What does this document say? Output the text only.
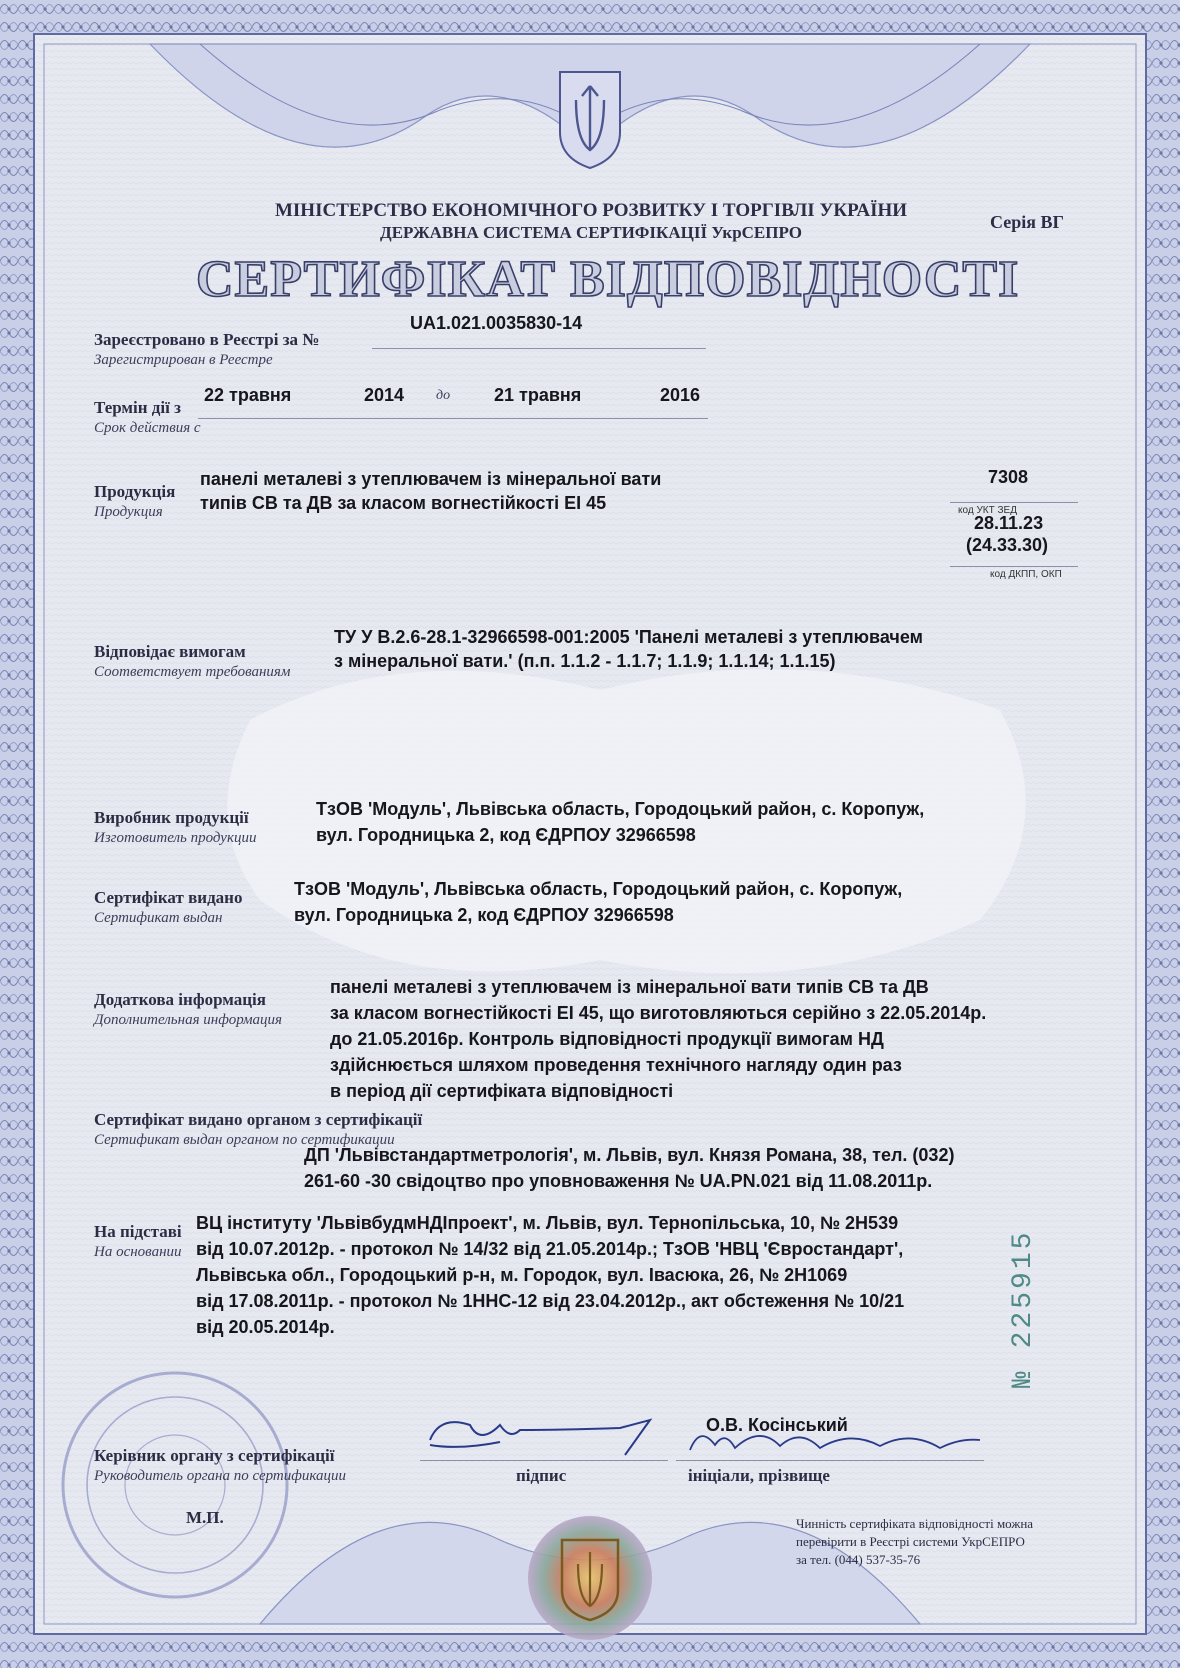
МІНІСТЕРСТВО ЕКОНОМІЧНОГО РОЗВИТКУ І ТОРГІВЛІ УКРАЇНИ
ДЕРЖАВНА СИСТЕМА СЕРТИФІКАЦІЇ УкрСЕПРО
Серія ВГ
СЕРТИФІКАТ ВІДПОВІДНОСТІ
Зареєстровано в Реєстрі за №
Зарегистрирован в Реестре
UA1.021.0035830-14
Термін дії з
Срок действия с
22 травня	2014 до 21 травня	2016
Продукція
Продукция
панелі металеві з утеплювачем із мінеральної вати
типів СВ та ДВ за класом вогнестійкості ЕІ 45
7308
код УКТ ЗЕД
28.11.23
(24.33.30)
код ДКПП, ОКП
Відповідає вимогам
Соответствует требованиям
ТУ У В.2.6-28.1-32966598-001:2005 'Панелі металеві з утеплювачем
з мінеральної вати.' (п.п. 1.1.2 - 1.1.7; 1.1.9; 1.1.14; 1.1.15)
Виробник продукції
Изготовитель продукции
ТзОВ 'Модуль', Львівська область, Городоцький район, с. Коропуж,
вул. Городницька 2, код ЄДРПОУ 32966598
Сертифікат видано
Сертификат выдан
ТзОВ 'Модуль', Львівська область, Городоцький район, с. Коропуж,
вул. Городницька 2, код ЄДРПОУ 32966598
Додаткова інформація
Дополнительная информация
панелі металеві з утеплювачем із мінеральної вати типів СВ та ДВ
за класом вогнестійкості ЕІ 45, що виготовляються серійно з 22.05.2014р.
до 21.05.2016р. Контроль відповідності продукції вимогам НД
здійснюється шляхом проведення технічного нагляду один раз
в період дії сертифіката відповідності
Сертифікат видано органом з сертифікації
Сертификат выдан органом по сертификации
ДП 'Львівстандартметрологія', м. Львів, вул. Князя Романа, 38, тел. (032)
261-60 -30 свідоцтво про уповноваження № UA.PN.021 від 11.08.2011р.
На підставі
На основании
ВЦ інституту 'ЛьвівбудмНДІпроект', м. Львів, вул. Тернопільська, 10, № 2Н539
від 10.07.2012р. - протокол № 14/32 від 21.05.2014р.; ТзОВ 'НВЦ 'Євростандарт',
Львівська обл., Городоцький р-н, м. Городок, вул. Івасюка, 26, № 2Н1069
від 17.08.2011р. - протокол № 1ННС-12 від 23.04.2012р., акт обстеження № 10/21
від 20.05.2014р.
Керівник органу з сертифікації
Руководитель органа по сертификации
О.В. Косінський
підпис	ініціали, прізвище
М.П.
№ 225915
Чинність сертифіката відповідності можна
перевірити в Реєстрі системи УкрСЕПРО
за тел. (044) 537-35-76
